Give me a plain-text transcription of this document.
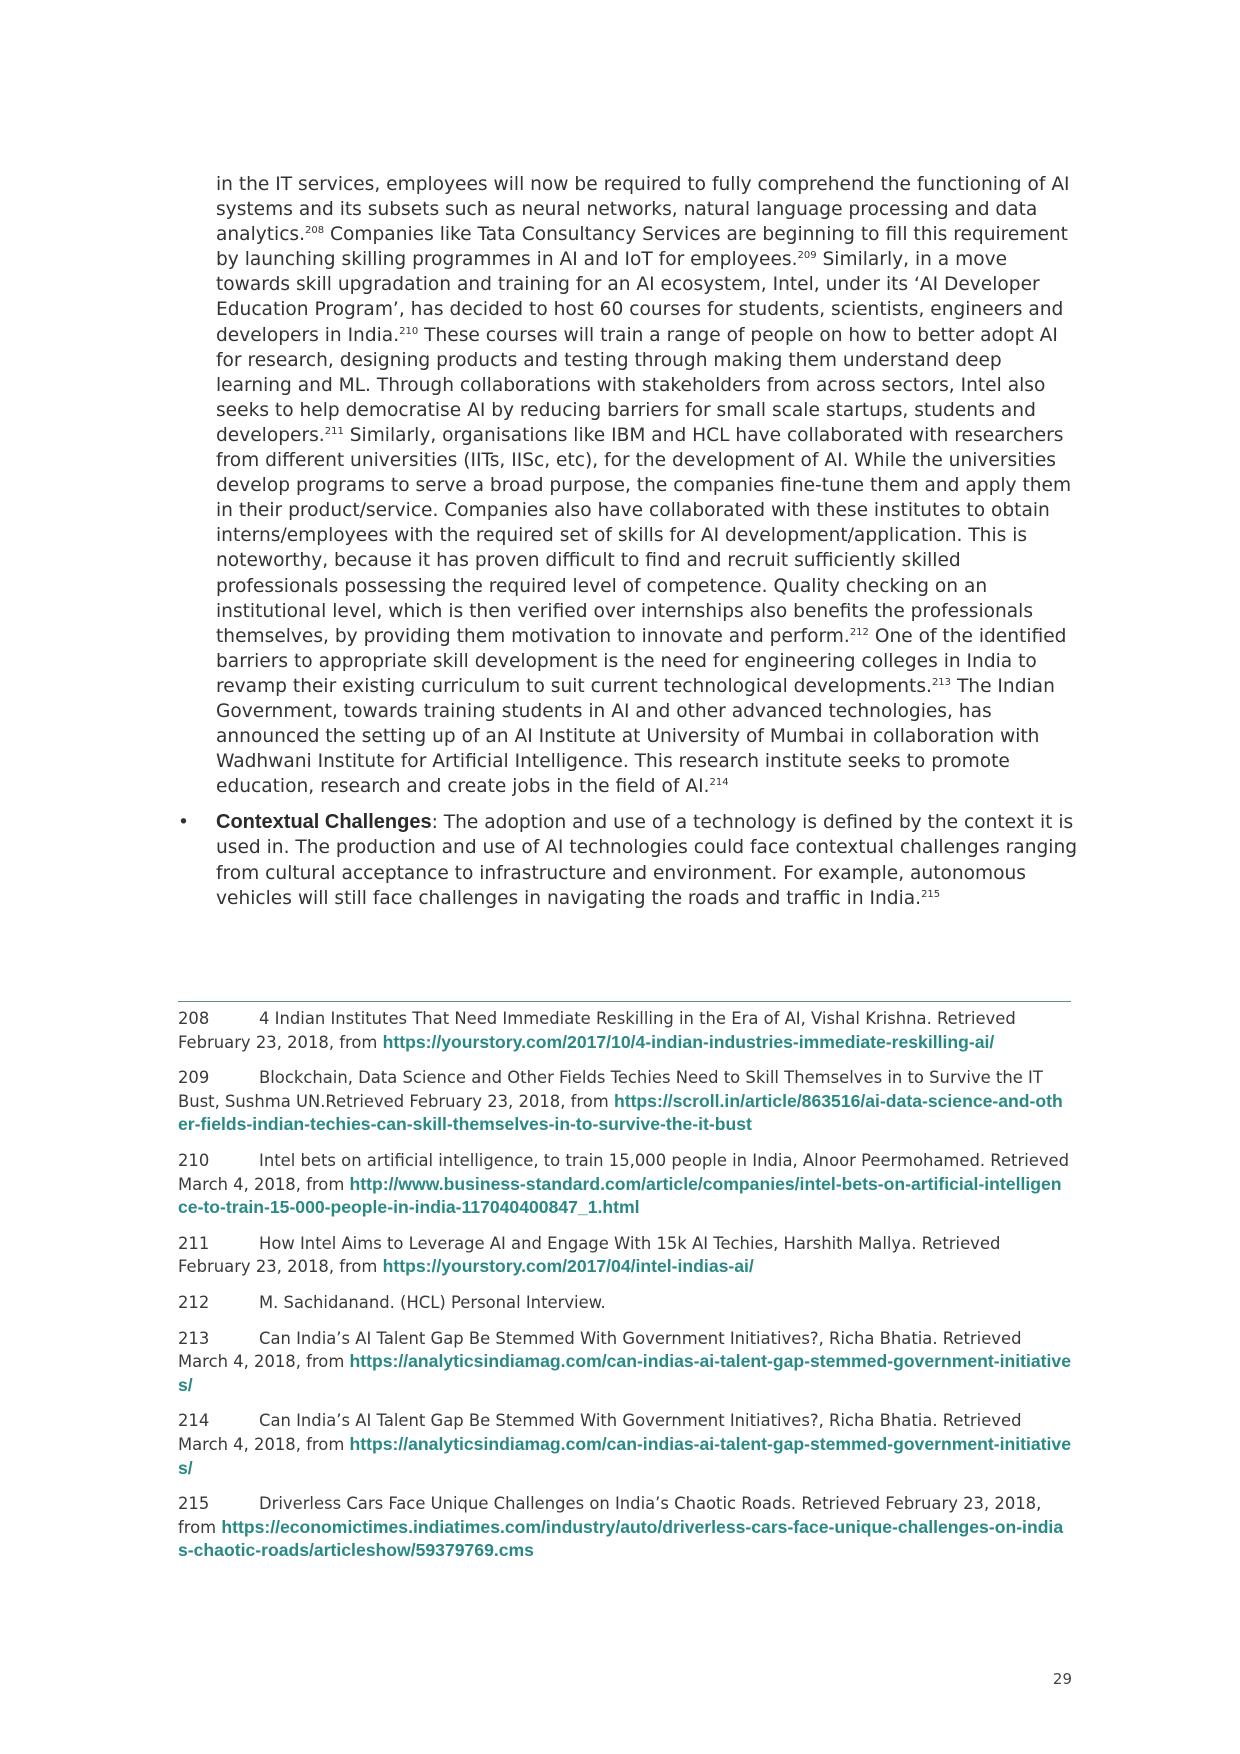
in the IT services, employees will now be required to fully comprehend the functioning of AI systems and its subsets such as neural networks, natural language processing and data analytics.$^{208}$ Companies like Tata Consultancy Services are beginning to fill this requirement by launching skilling programmes in AI and IoT for employees.$^{209}$ Similarly, in a move towards skill upgradation and training for an AI ecosystem, Intel, under its ‘AI Developer Education Program’, has decided to host 60 courses for students, scientists, engineers and developers in India.$^{210}$ These courses will train a range of people on how to better adopt AI for research, designing products and testing through making them understand deep learning and ML. Through collaborations with stakeholders from across sectors, Intel also seeks to help democratise AI by reducing barriers for small scale startups, students and developers.$^{211}$ Similarly, organisations like IBM and HCL have collaborated with researchers from different universities (IITs, IISc, etc), for the development of AI. While the universities develop programs to serve a broad purpose, the companies fine-tune them and apply them in their product/service. Companies also have collaborated with these institutes to obtain interns/employees with the required set of skills for AI development/application. This is noteworthy, because it has proven difficult to find and recruit sufficiently skilled professionals possessing the required level of competence. Quality checking on an institutional level, which is then verified over internships also benefits the professionals themselves, by providing them motivation to innovate and perform.$^{212}$ One of the identified barriers to appropriate skill development is the need for engineering colleges in India to revamp their existing curriculum to suit current technological developments.$^{213}$ The Indian Government, towards training students in AI and other advanced technologies, has announced the setting up of an AI Institute at University of Mumbai in collaboration with Wadhwani Institute for Artificial Intelligence. This research institute seeks to promote education, research and create jobs in the field of AI.$^{214}$

• Contextual Challenges: The adoption and use of a technology is defined by the context it is used in. The production and use of AI technologies could face contextual challenges ranging from cultural acceptance to infrastructure and environment. For example, autonomous vehicles will still face challenges in navigating the roads and traffic in India.$^{215}$

208	4 Indian Institutes That Need Immediate Reskilling in the Era of AI, Vishal Krishna. Retrieved February 23, 2018, from https://yourstory.com/2017/10/4-indian-industries-immediate-reskilling-ai/

209	Blockchain, Data Science and Other Fields Techies Need to Skill Themselves in to Survive the IT Bust, Sushma UN.Retrieved February 23, 2018, from https://scroll.in/article/863516/ai-data-science-and-other-fields-indian-techies-can-skill-themselves-in-to-survive-the-it-bust

210	Intel bets on artificial intelligence, to train 15,000 people in India, Alnoor Peermohamed. Retrieved March 4, 2018, from http://www.business-standard.com/article/companies/intel-bets-on-artificial-intelligence-to-train-15-000-people-in-india-117040400847_1.html

211	How Intel Aims to Leverage AI and Engage With 15k AI Techies, Harshith Mallya. Retrieved February 23, 2018, from https://yourstory.com/2017/04/intel-indias-ai/

212	M. Sachidanand. (HCL) Personal Interview.

213	Can India’s AI Talent Gap Be Stemmed With Government Initiatives?, Richa Bhatia. Retrieved March 4, 2018, from https://analyticsindiamag.com/can-indias-ai-talent-gap-stemmed-government-initiatives/

214	Can India’s AI Talent Gap Be Stemmed With Government Initiatives?, Richa Bhatia. Retrieved March 4, 2018, from https://analyticsindiamag.com/can-indias-ai-talent-gap-stemmed-government-initiatives/

215	Driverless Cars Face Unique Challenges on India’s Chaotic Roads. Retrieved February 23, 2018, from https://economictimes.indiatimes.com/industry/auto/driverless-cars-face-unique-challenges-on-indias-chaotic-roads/articleshow/59379769.cms

29
